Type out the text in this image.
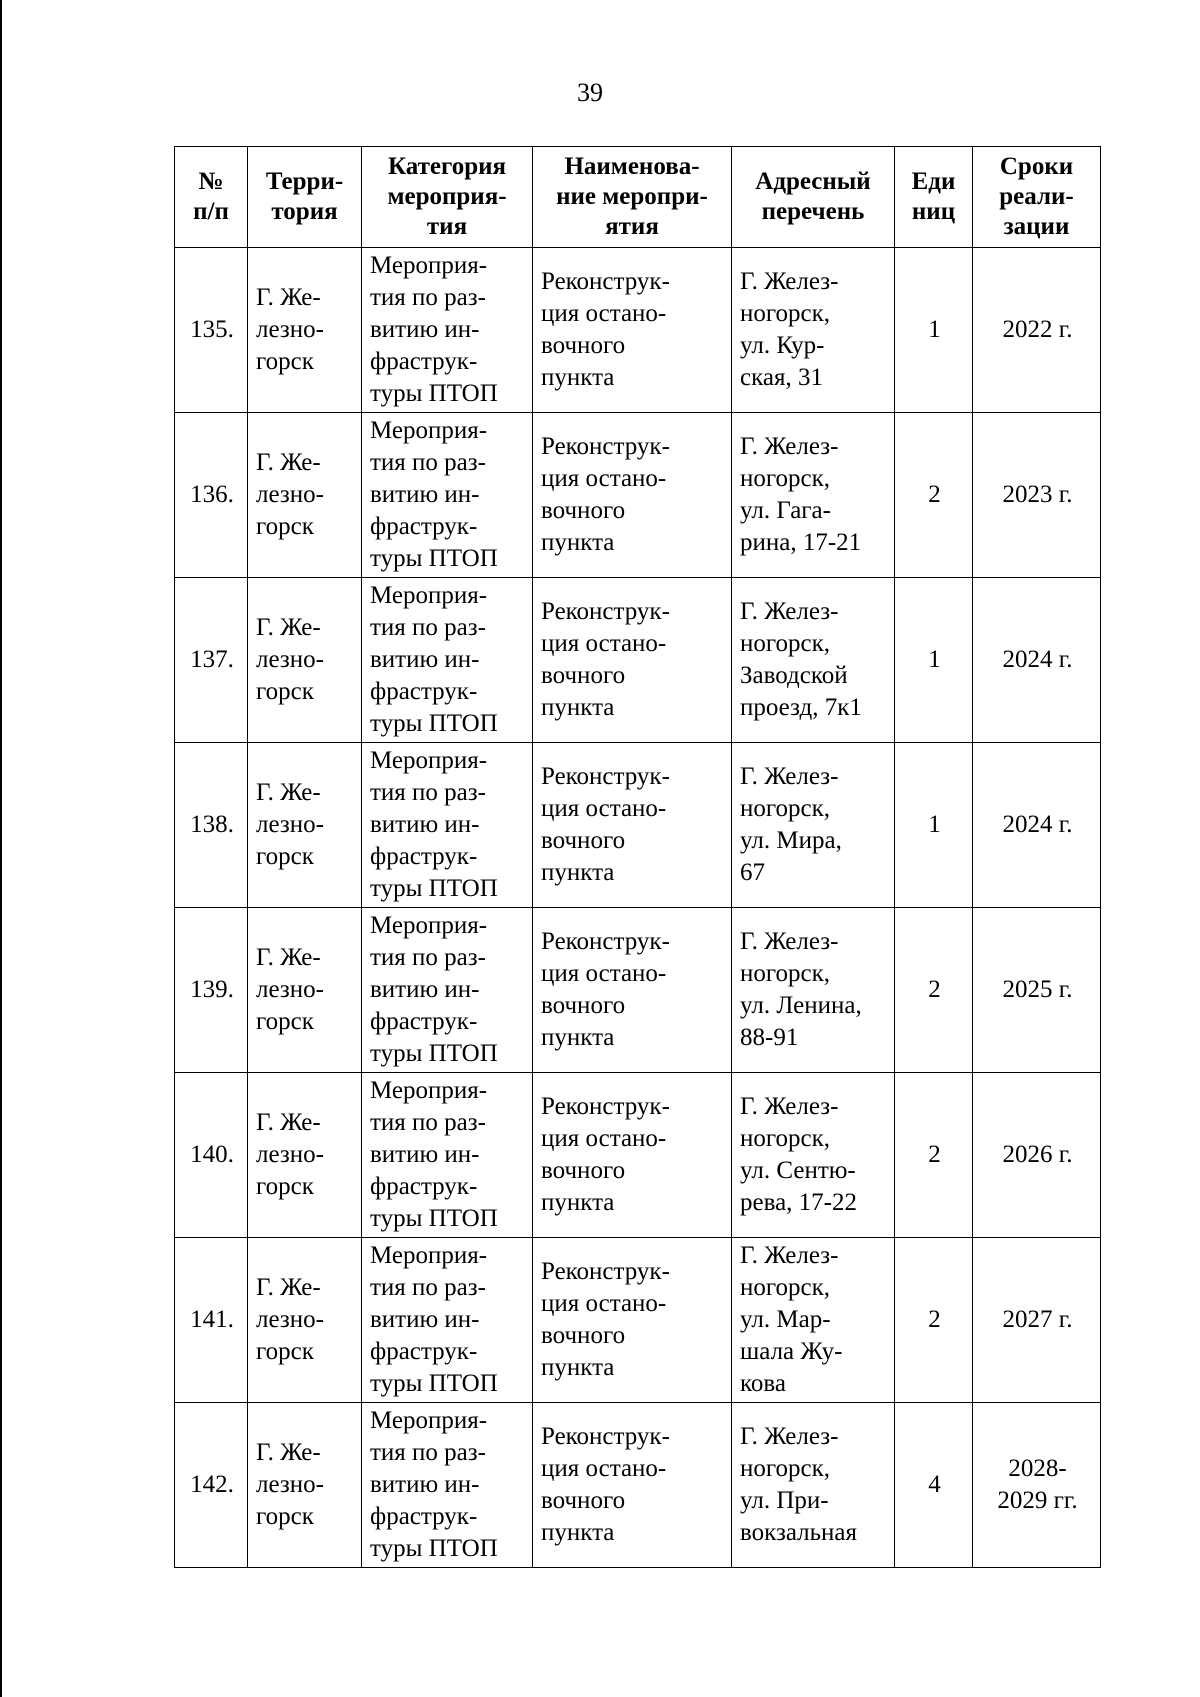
39
№
п/п	Терри-
тория	Категория
мероприя-
тия	Наименова-
ние меропри-
ятия	Адресный
перечень	Еди
ниц	Сроки
реали-
зации
135.	Г. Же-
лезно-
горск	Мероприя-
тия по раз-
витию ин-
фраструк-
туры ПТОП	Реконструк-
ция остано-
вочного
пункта	Г. Желез-
ногорск,
ул. Кур-
ская, 31	1	2022 г.
136.	Г. Же-
лезно-
горск	Мероприя-
тия по раз-
витию ин-
фраструк-
туры ПТОП	Реконструк-
ция остано-
вочного
пункта	Г. Желез-
ногорск,
ул. Гага-
рина, 17-21	2	2023 г.
137.	Г. Же-
лезно-
горск	Мероприя-
тия по раз-
витию ин-
фраструк-
туры ПТОП	Реконструк-
ция остано-
вочного
пункта	Г. Желез-
ногорск,
Заводской
проезд, 7к1	1	2024 г.
138.	Г. Же-
лезно-
горск	Мероприя-
тия по раз-
витию ин-
фраструк-
туры ПТОП	Реконструк-
ция остано-
вочного
пункта	Г. Желез-
ногорск,
ул. Мира,
67	1	2024 г.
139.	Г. Же-
лезно-
горск	Мероприя-
тия по раз-
витию ин-
фраструк-
туры ПТОП	Реконструк-
ция остано-
вочного
пункта	Г. Желез-
ногорск,
ул. Ленина,
88-91	2	2025 г.
140.	Г. Же-
лезно-
горск	Мероприя-
тия по раз-
витию ин-
фраструк-
туры ПТОП	Реконструк-
ция остано-
вочного
пункта	Г. Желез-
ногорск,
ул. Сентю-
рева, 17-22	2	2026 г.
141.	Г. Же-
лезно-
горск	Мероприя-
тия по раз-
витию ин-
фраструк-
туры ПТОП	Реконструк-
ция остано-
вочного
пункта	Г. Желез-
ногорск,
ул. Мар-
шала Жу-
кова	2	2027 г.
142.	Г. Же-
лезно-
горск	Мероприя-
тия по раз-
витию ин-
фраструк-
туры ПТОП	Реконструк-
ция остано-
вочного
пункта	Г. Желез-
ногорск,
ул. При-
вокзальная	4	2028-
2029 гг.
